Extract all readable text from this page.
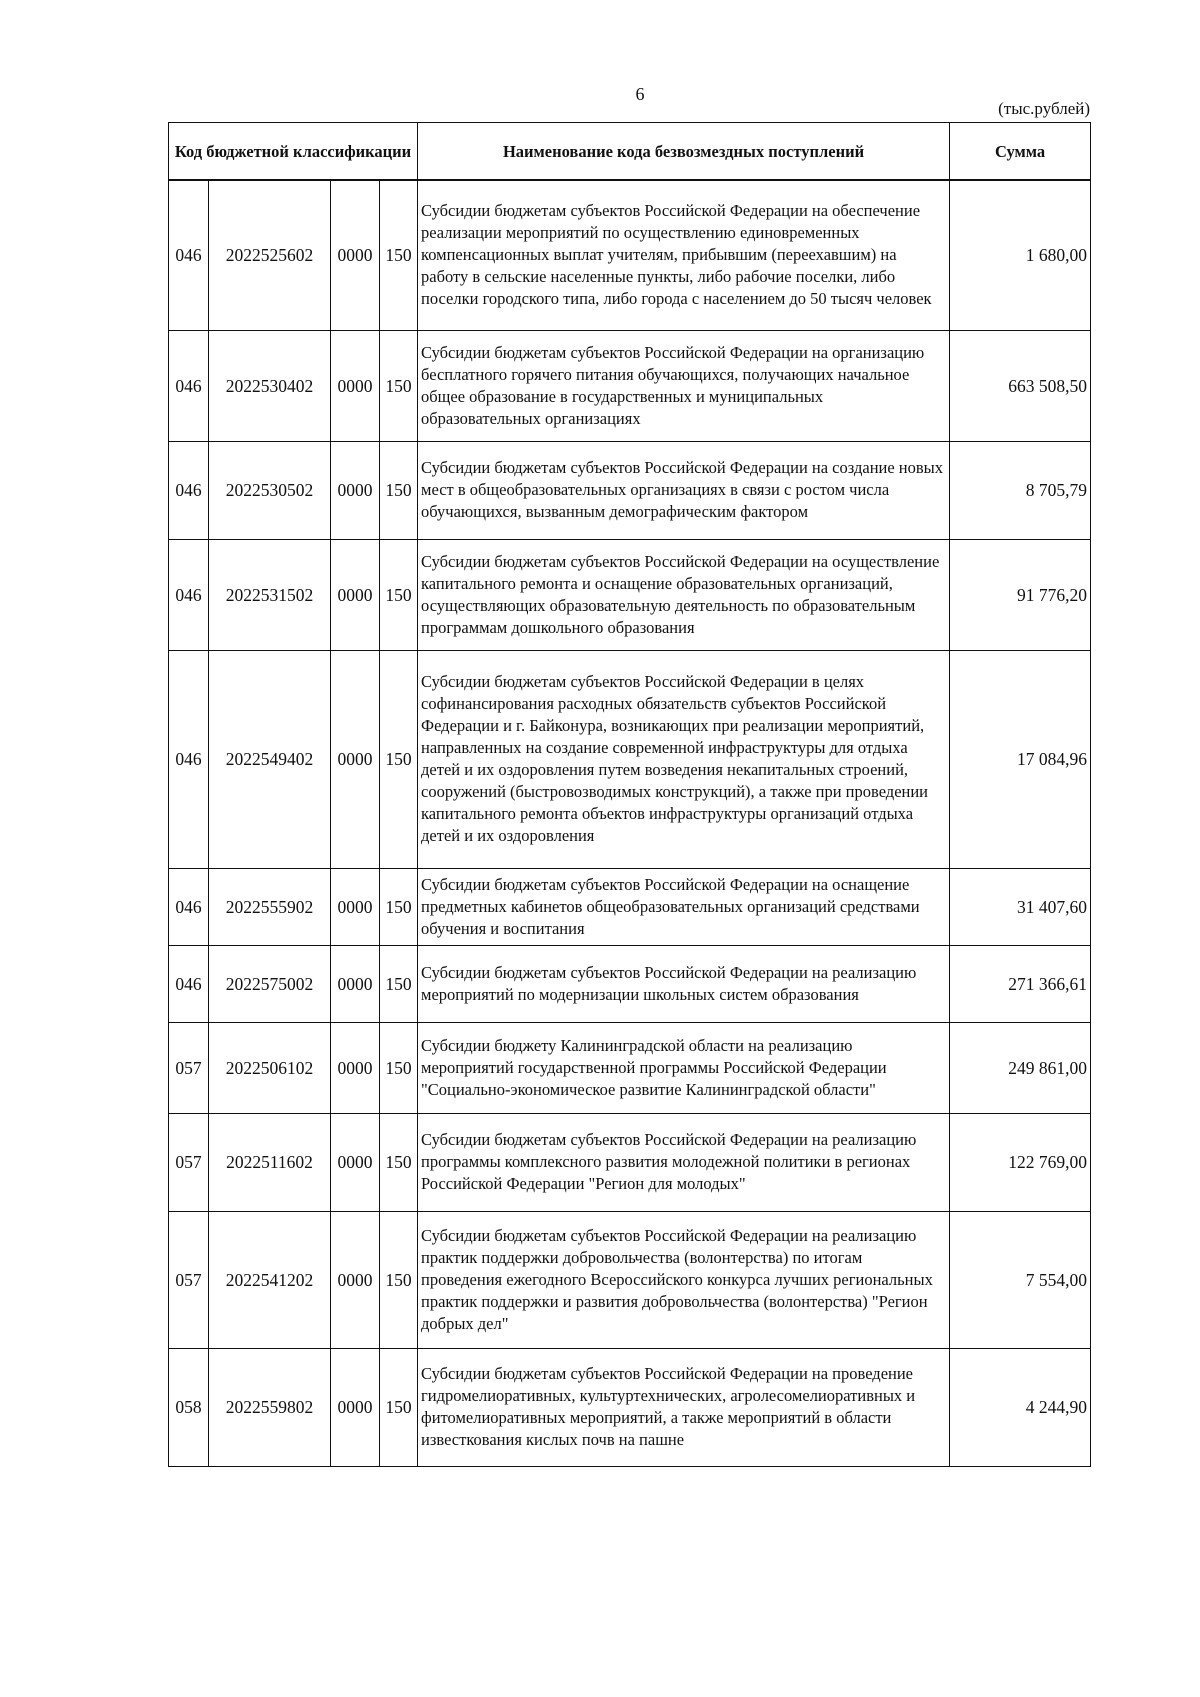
6
(тыс.рублей)
Код бюджетной классификации				Наименование кода безвозмездных поступлений	Сумма
046	2022525602	0000	150	Субсидии бюджетам субъектов Российской Федерации на обеспечение реализации мероприятий по осуществлению единовременных компенсационных выплат учителям, прибывшим (переехавшим) на работу в сельские населенные пункты, либо рабочие поселки, либо поселки городского типа, либо города с населением до 50 тысяч человек	1 680,00
046	2022530402	0000	150	Субсидии бюджетам субъектов Российской Федерации на организацию бесплатного горячего питания обучающихся, получающих начальное общее образование в государственных и муниципальных образовательных организациях	663 508,50
046	2022530502	0000	150	Субсидии бюджетам субъектов Российской Федерации на создание новых мест в общеобразовательных организациях в связи с ростом числа обучающихся, вызванным демографическим фактором	8 705,79
046	2022531502	0000	150	Субсидии бюджетам субъектов Российской Федерации на осуществление капитального ремонта и оснащение образовательных организаций, осуществляющих образовательную деятельность по образовательным программам дошкольного образования	91 776,20
046	2022549402	0000	150	Субсидии бюджетам субъектов Российской Федерации в целях софинансирования расходных обязательств субъектов Российской Федерации и г. Байконура, возникающих при реализации мероприятий, направленных на создание современной инфраструктуры для отдыха детей и их оздоровления путем возведения некапитальных строений, сооружений (быстровозводимых конструкций), а также при проведении капитального ремонта объектов инфраструктуры организаций отдыха детей и их оздоровления	17 084,96
046	2022555902	0000	150	Субсидии бюджетам субъектов Российской Федерации на оснащение предметных кабинетов общеобразовательных организаций средствами обучения и воспитания	31 407,60
046	2022575002	0000	150	Субсидии бюджетам субъектов Российской Федерации на реализацию мероприятий по модернизации школьных систем образования	271 366,61
057	2022506102	0000	150	Субсидии бюджету Калининградской области на реализацию мероприятий государственной программы Российской Федерации "Социально-экономическое развитие Калининградской области"	249 861,00
057	2022511602	0000	150	Субсидии бюджетам субъектов Российской Федерации на реализацию программы комплексного развития молодежной политики в регионах Российской Федерации "Регион для молодых"	122 769,00
057	2022541202	0000	150	Субсидии бюджетам субъектов Российской Федерации на реализацию практик поддержки добровольчества (волонтерства) по итогам проведения ежегодного Всероссийского конкурса лучших региональных практик поддержки и развития добровольчества (волонтерства) "Регион добрых дел"	7 554,00
058	2022559802	0000	150	Субсидии бюджетам субъектов Российской Федерации на проведение гидромелиоративных, культуртехнических, агролесомелиоративных и фитомелиоративных мероприятий, а также мероприятий в области известкования кислых почв на пашне	4 244,90
